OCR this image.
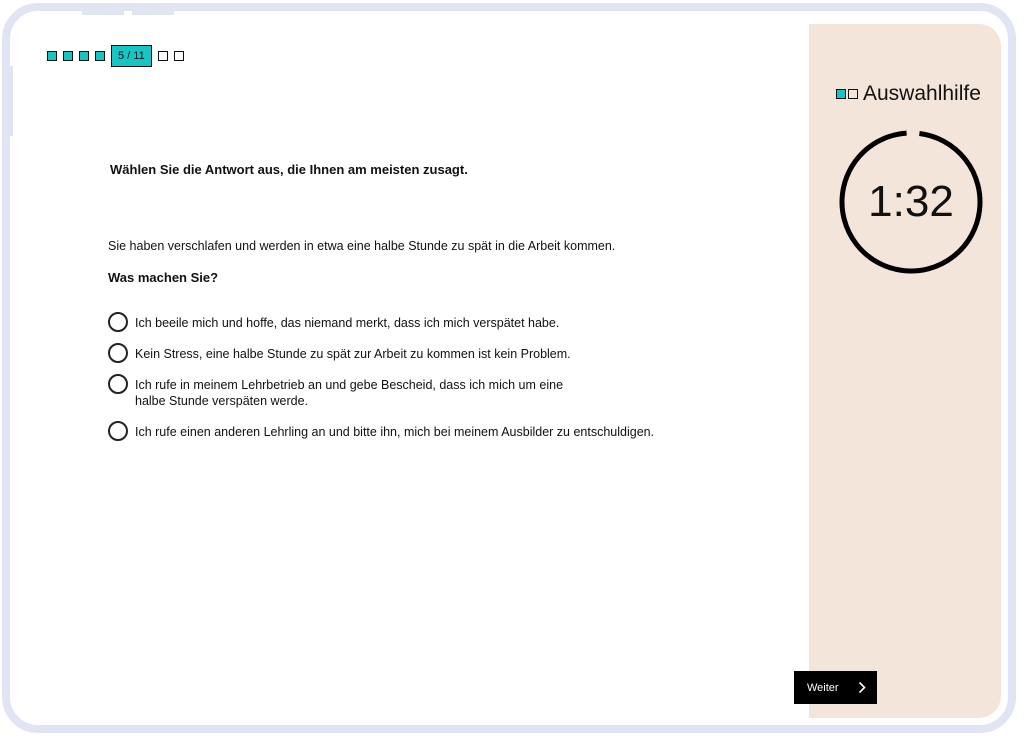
5 / 11
Wählen Sie die Antwort aus, die Ihnen am meisten zusagt.
Sie haben verschlafen und werden in etwa eine halbe Stunde zu spät in die Arbeit kommen.
Was machen Sie?
Ich beeile mich und hoffe, das niemand merkt, dass ich mich verspätet habe.
Kein Stress, eine halbe Stunde zu spät zur Arbeit zu kommen ist kein Problem.
Ich rufe in meinem Lehrbetrieb an und gebe Bescheid, dass ich mich um eine
halbe Stunde verspäten werde.
Ich rufe einen anderen Lehrling an und bitte ihn, mich bei meinem Ausbilder zu entschuldigen.
Auswahlhilfe
1:32
Weiter
